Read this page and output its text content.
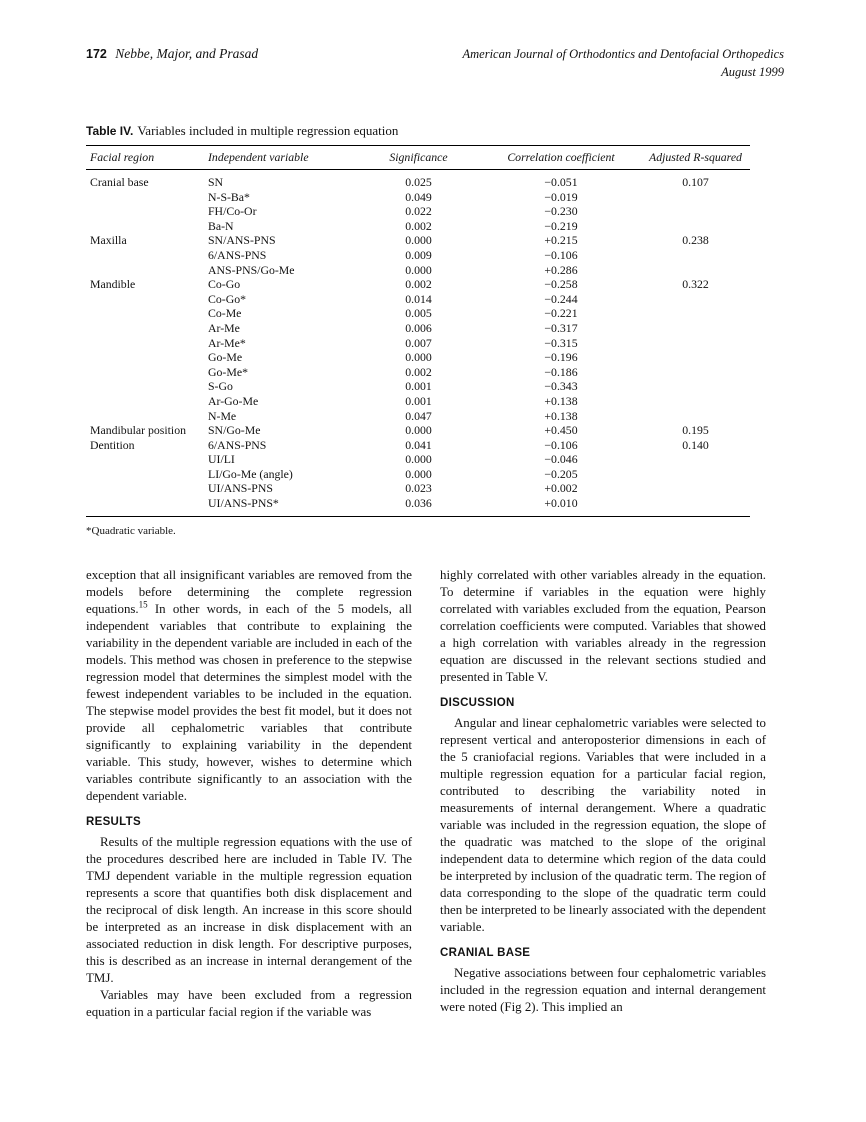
172 Nebbe, Major, and Prasad	American Journal of Orthodontics and Dentofacial Orthopedics
August 1999
Table IV. Variables included in multiple regression equation
Facial region	Independent variable	Significance	Correlation coefficient	Adjusted R-squared
Cranial base	SN	0.025	−0.051	0.107
	N-S-Ba*	0.049	−0.019	
	FH/Co-Or	0.022	−0.230	
	Ba-N	0.002	−0.219	
Maxilla	SN/ANS-PNS	0.000	+0.215	0.238
	6/ANS-PNS	0.009	−0.106	
	ANS-PNS/Go-Me	0.000	+0.286	
Mandible	Co-Go	0.002	−0.258	0.322
	Co-Go*	0.014	−0.244	
	Co-Me	0.005	−0.221	
	Ar-Me	0.006	−0.317	
	Ar-Me*	0.007	−0.315	
	Go-Me	0.000	−0.196	
	Go-Me*	0.002	−0.186	
	S-Go	0.001	−0.343	
	Ar-Go-Me	0.001	+0.138	
	N-Me	0.047	+0.138	
Mandibular position	SN/Go-Me	0.000	+0.450	0.195
Dentition	6/ANS-PNS	0.041	−0.106	0.140
	UI/LI	0.000	−0.046	
	LI/Go-Me (angle)	0.000	−0.205	
	UI/ANS-PNS	0.023	+0.002	
	UI/ANS-PNS*	0.036	+0.010	
*Quadratic variable.

exception that all insignificant variables are removed from the models before determining the complete regression equations.$^{15}$ In other words, in each of the 5 models, all independent variables that contribute to explaining the variability in the dependent variable are included in each of the models. This method was chosen in preference to the stepwise regression model that determines the simplest model with the fewest independent variables to be included in the equation. The stepwise model provides the best fit model, but it does not provide all cephalometric variables that contribute significantly to explaining variability in the dependent variable. This study, however, wishes to determine which variables contribute significantly to an association with the dependent variable.

RESULTS

Results of the multiple regression equations with the use of the procedures described here are included in Table IV. The TMJ dependent variable in the multiple regression equation represents a score that quantifies both disk displacement and the reciprocal of disk length. An increase in this score should be interpreted as an increase in disk displacement with an associated reduction in disk length. For descriptive purposes, this is described as an increase in internal derangement of the TMJ.

Variables may have been excluded from a regression equation in a particular facial region if the variable was

highly correlated with other variables already in the equation. To determine if variables in the equation were highly correlated with variables excluded from the equation, Pearson correlation coefficients were computed. Variables that showed a high correlation with variables already in the regression equation are discussed in the relevant sections studied and presented in Table V.

DISCUSSION

Angular and linear cephalometric variables were selected to represent vertical and anteroposterior dimensions in each of the 5 craniofacial regions. Variables that were included in a multiple regression equation for a particular facial region, contributed to describing the variability noted in measurements of internal derangement. Where a quadratic variable was included in the regression equation, the slope of the quadratic was matched to the slope of the original independent data to determine which region of the data could be interpreted by inclusion of the quadratic term. The region of data corresponding to the slope of the quadratic term could then be interpreted to be linearly associated with the dependent variable.

CRANIAL BASE

Negative associations between four cephalometric variables included in the regression equation and internal derangement were noted (Fig 2). This implied an
